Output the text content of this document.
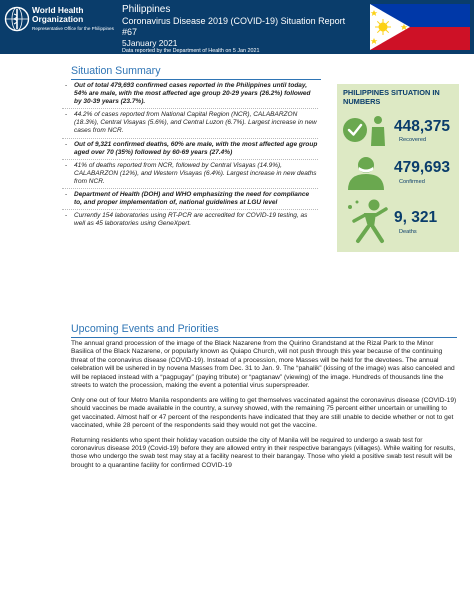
World Health Organization
Representative Office for the Philippines
Philippines
Coronavirus Disease 2019 (COVID-19) Situation Report #67
5January 2021
Data reported by the Department of Health on 5 Jan 2021
Situation Summary
- Out of total 479,693 confirmed cases reported in the Philippines until today, 54% are male, with the most affected age group 20-29 years (26.2%) followed by 30-39 years (23.7%).
- 44.2% of cases reported from National Capital Region (NCR), CALABARZON (18.3%), Central Visayas (5.6%), and Central Luzon (6.7%). Largest increase in new cases from NCR.
- Out of 9,321 confirmed deaths, 60% are male, with the most affected age group aged over 70 (35%) followed by 60-69 years (27.4%)
- 41% of deaths reported from NCR, followed by Central Visayas (14.9%), CALABARZON (12%), and Western Visayas (6.4%). Largest increase in new deaths from NCR.
- Department of Health (DOH) and WHO emphasizing the need for compliance to, and proper implementation of, national guidelines at LGU level
- Currently 154 laboratories using RT-PCR are accredited for COVID-19 testing, as well as 45 laboratories using GeneXpert.
PHILIPPINES SITUATION IN NUMBERS
448,375
Recovered
479,693
Confirmed
9, 321
Deaths
Upcoming Events and Priorities

The annual grand procession of the image of the Black Nazarene from the Quirino Grandstand at the Rizal Park to the Minor Basilica of the Black Nazarene, or popularly known as Quiapo Church, will not push through this year because of the continuing threat of the coronavirus disease (COVID-19). Instead of a procession, more Masses will be held for the devotees. The annual celebration will be ushered in by novena Masses from Dec. 31 to Jan. 9. The “pahalik” (kissing of the image) was also canceled and will be replaced instead with a “pagpugay” (paying tribute) or “pagtanaw” (viewing) of the image. Hundreds of thousands line the streets to watch the procession, making the event a potential virus superspreader.

Only one out of four Metro Manila respondents are willing to get themselves vaccinated against the coronavirus disease (COVID-19) should vaccines be made available in the country, a survey showed, with the remaining 75 percent either uncertain or unwilling to get vaccinated. Almost half or 47 percent of the respondents have indicated that they are still unable to decide whether or not to get vaccinated, while 28 percent of the respondents said they would not get the vaccine.

Returning residents who spent their holiday vacation outside the city of Manila will be required to undergo a swab test for coronavirus disease 2019 (Covid-19) before they are allowed entry in their respective barangays (villages). While waiting for results, those who undergo the swab test may stay at a facility nearest to their barangay. Those who yield a positive swab test result will be brought to a quarantine facility for confirmed COVID-19
